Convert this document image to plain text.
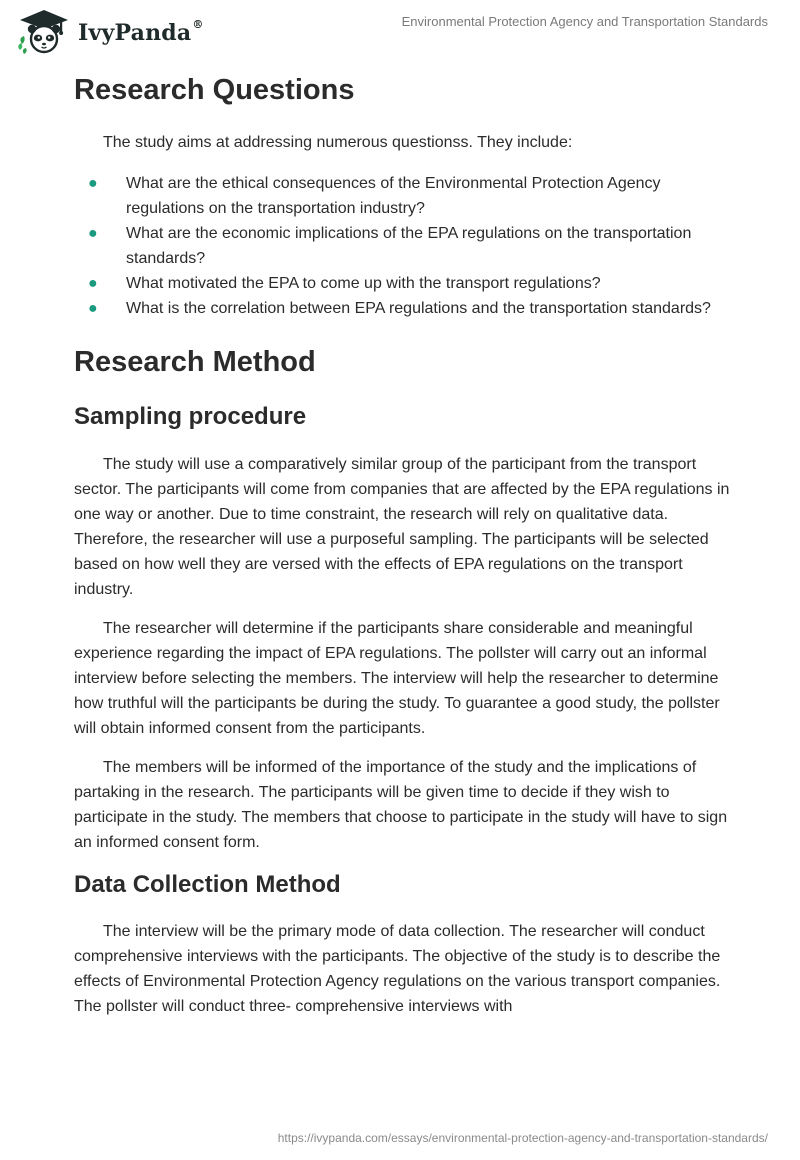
IvyPanda®	Environmental Protection Agency and Transportation Standards
Research Questions

The study aims at addressing numerous questionss. They include:

● What are the ethical consequences of the Environmental Protection Agency regulations on the transportation industry?
● What are the economic implications of the EPA regulations on the transportation standards?
● What motivated the EPA to come up with the transport regulations?
● What is the correlation between EPA regulations and the transportation standards?
Research Method
Sampling procedure

The study will use a comparatively similar group of the participant from the transport sector. The participants will come from companies that are affected by the EPA regulations in one way or another. Due to time constraint, the research will rely on qualitative data. Therefore, the researcher will use a purposeful sampling. The participants will be selected based on how well they are versed with the effects of EPA regulations on the transport industry.

The researcher will determine if the participants share considerable and meaningful experience regarding the impact of EPA regulations. The pollster will carry out an informal interview before selecting the members. The interview will help the researcher to determine how truthful will the participants be during the study. To guarantee a good study, the pollster will obtain informed consent from the participants.

The members will be informed of the importance of the study and the implications of partaking in the research. The participants will be given time to decide if they wish to participate in the study. The members that choose to participate in the study will have to sign an informed consent form.

Data Collection Method

The interview will be the primary mode of data collection. The researcher will conduct comprehensive interviews with the participants. The objective of the study is to describe the effects of Environmental Protection Agency regulations on the various transport companies. The pollster will conduct three- comprehensive interviews with

https://ivypanda.com/essays/environmental-protection-agency-and-transportation-standards/
